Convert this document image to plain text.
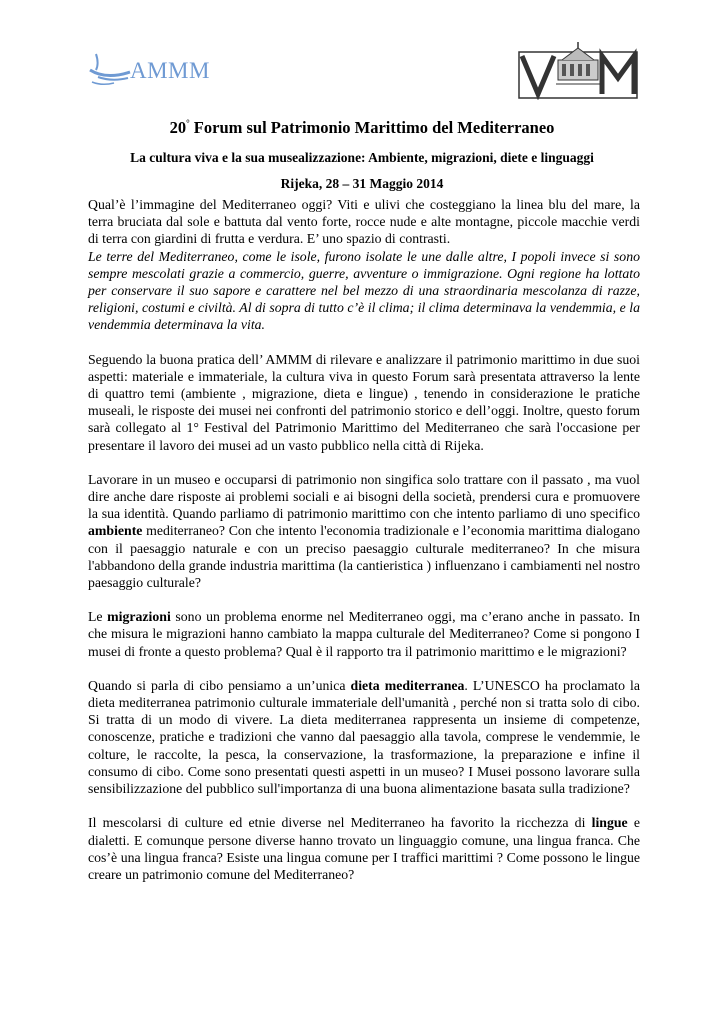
AMMM
20° Forum sul Patrimonio Marittimo del Mediterraneo
La cultura viva e la sua musealizzazione: Ambiente, migrazioni, diete e linguaggi
Rijeka, 28 – 31 Maggio 2014

Qual’è l’immagine del Mediterraneo oggi? Viti e ulivi che costeggiano la linea blu del mare, la terra bruciata dal sole e battuta dal vento forte, rocce nude e alte montagne, piccole macchie verdi di terra con giardini di frutta e verdura. E’ uno spazio di contrasti.

Le terre del Mediterraneo, come le isole, furono isolate le une dalle altre, I popoli invece si sono sempre mescolati grazie a commercio, guerre, avventure o immigrazione. Ogni regione ha lottato per conservare il suo sapore e carattere nel bel mezzo di una straordinaria mescolanza di razze, religioni, costumi e civiltà. Al di sopra di tutto c’è il clima; il clima determinava la vendemmia, e la vendemmia determinava la vita.

Seguendo la buona pratica dell’ AMMM di rilevare e analizzare il patrimonio marittimo in due suoi aspetti: materiale e immateriale, la cultura viva in questo Forum sarà presentata attraverso la lente di quattro temi (ambiente , migrazione, dieta e lingue) , tenendo in considerazione le pratiche museali, le risposte dei musei nei confronti del patrimonio storico e dell’oggi. Inoltre, questo forum sarà collegato al 1° Festival del Patrimonio Marittimo del Mediterraneo che sarà l'occasione per presentare il lavoro dei musei ad un vasto pubblico nella città di Rijeka.

Lavorare in un museo e occuparsi di patrimonio non singifica solo trattare con il passato , ma vuol dire anche dare risposte ai problemi sociali e ai bisogni della società, prendersi cura e promuovere la sua identità. Quando parliamo di patrimonio marittimo con che intento parliamo di uno specifico ambiente mediterraneo? Con che intento l'economia tradizionale e l’economia marittima dialogano con il paesaggio naturale e con un preciso paesaggio culturale mediterraneo? In che misura l'abbandono della grande industria marittima (la cantieristica ) influenzano i cambiamenti nel nostro paesaggio culturale?

Le migrazioni sono un problema enorme nel Mediterraneo oggi, ma c’erano anche in passato. In che misura le migrazioni hanno cambiato la mappa culturale del Mediterraneo? Come si pongono I musei di fronte a questo problema? Qual è il rapporto tra il patrimonio marittimo e le migrazioni?

Quando si parla di cibo pensiamo a un’unica dieta mediterranea. L’UNESCO ha proclamato la dieta mediterranea patrimonio culturale immateriale dell'umanità , perché non si tratta solo di cibo. Si tratta di un modo di vivere. La dieta mediterranea rappresenta un insieme di competenze, conoscenze, pratiche e tradizioni che vanno dal paesaggio alla tavola, comprese le vendemmie, le colture, le raccolte, la pesca, la conservazione, la trasformazione, la preparazione e infine il consumo di cibo. Come sono presentati questi aspetti in un museo? I Musei possono lavorare sulla sensibilizzazione del pubblico sull'importanza di una buona alimentazione basata sulla tradizione?

Il mescolarsi di culture ed etnie diverse nel Mediterraneo ha favorito la ricchezza di lingue e dialetti. E comunque persone diverse hanno trovato un linguaggio comune, una lingua franca. Che cos’è una lingua franca? Esiste una lingua comune per I traffici marittimi ? Come possono le lingue creare un patrimonio comune del Mediterraneo?
